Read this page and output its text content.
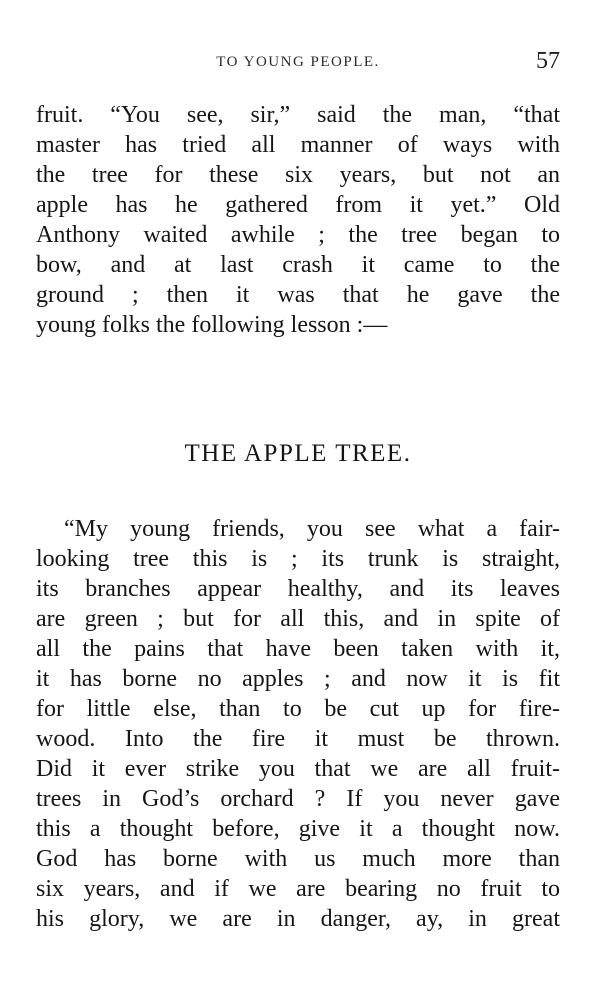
TO YOUNG PEOPLE.	57
fruit. “You see, sir,” said the man, “that
master has tried all manner of ways with
the tree for these six years, but not an
apple has he gathered from it yet.” Old
Anthony waited awhile ; the tree began to
bow, and at last crash it came to the
ground ; then it was that he gave the
young folks the following lesson :—
THE APPLE TREE.
“My young friends, you see what a fair-
looking tree this is ; its trunk is straight,
its branches appear healthy, and its leaves
are green ; but for all this, and in spite of
all the pains that have been taken with it,
it has borne no apples ; and now it is fit
for little else, than to be cut up for fire-
wood. Into the fire it must be thrown.
Did it ever strike you that we are all fruit-
trees in God’s orchard ? If you never gave
this a thought before, give it a thought now.
God has borne with us much more than
six years, and if we are bearing no fruit to
his glory, we are in danger, ay, in great
